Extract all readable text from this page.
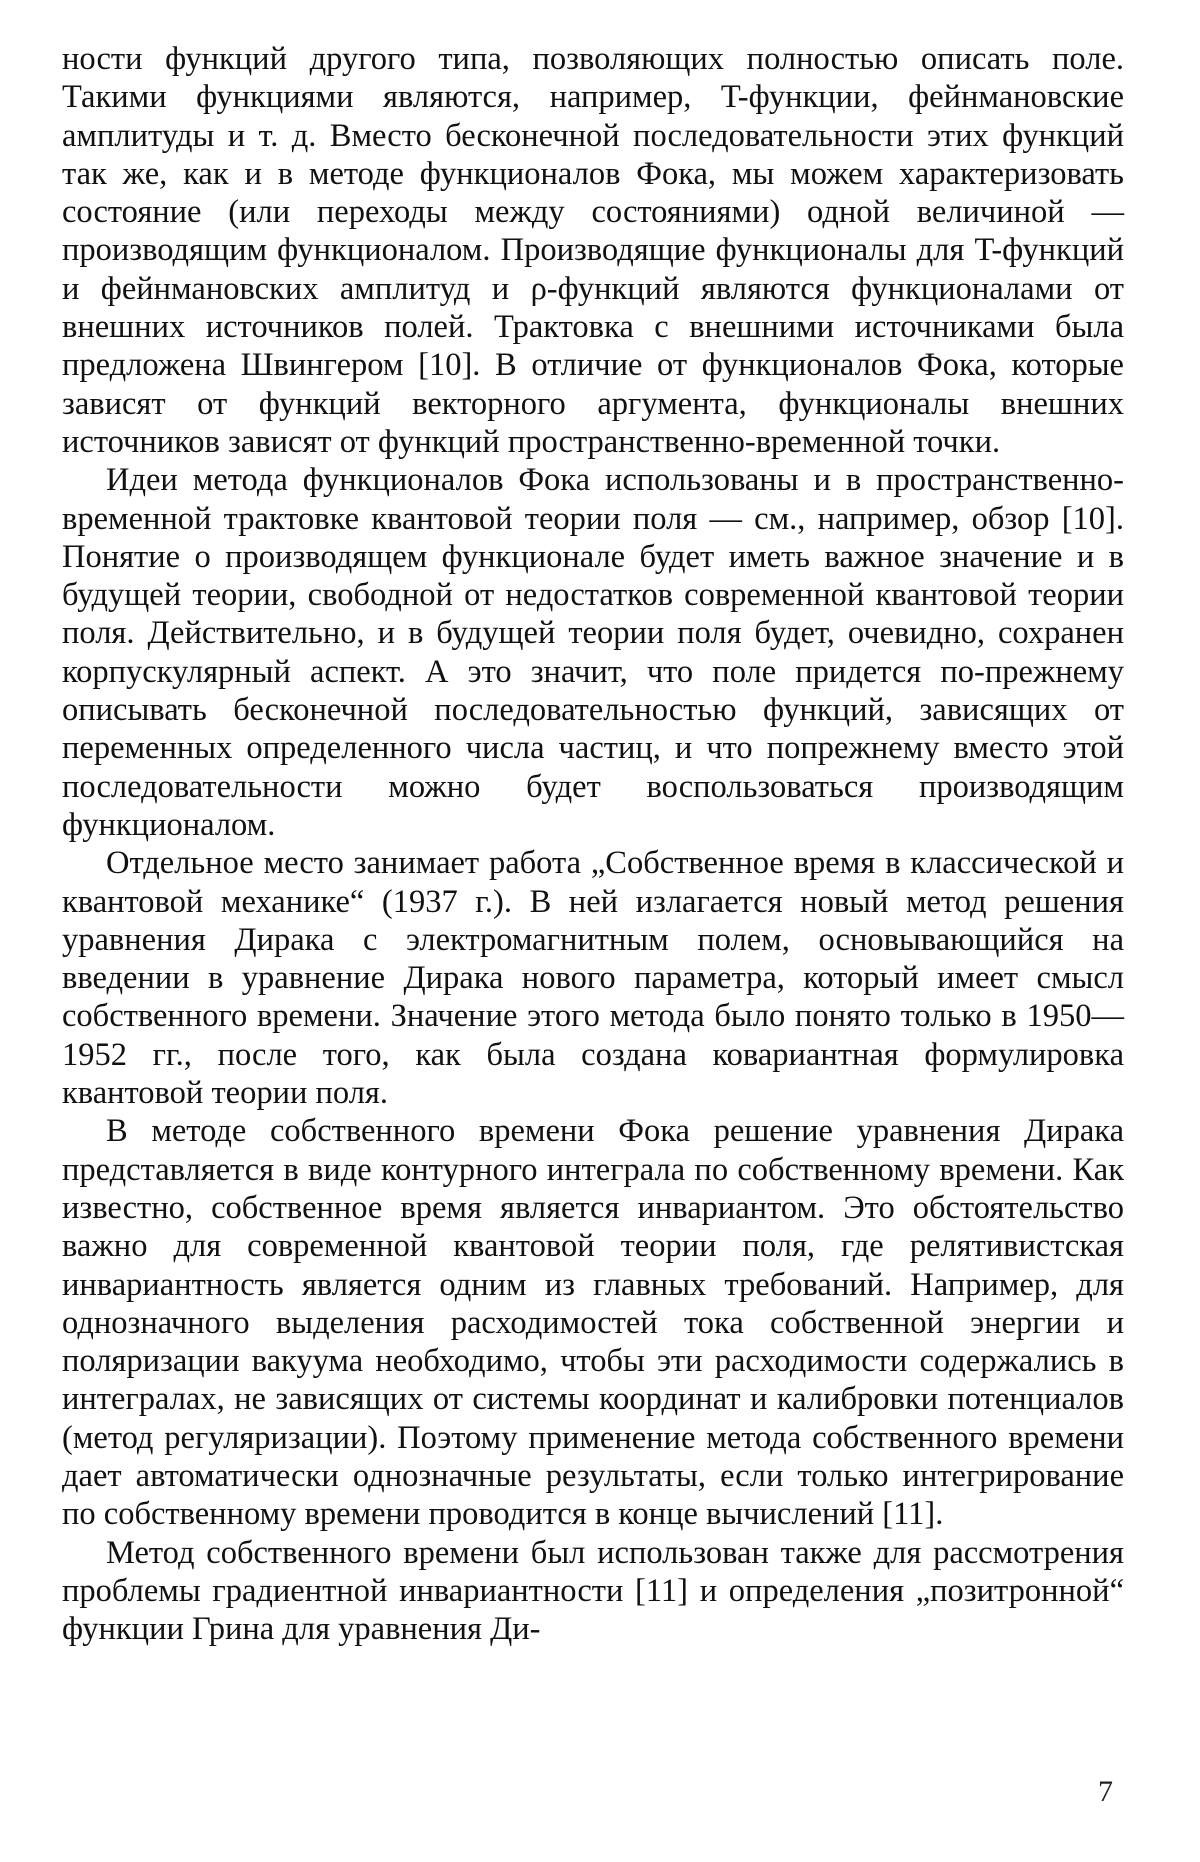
ности функций другого типа, позволяющих полностью описать поле. Такими функциями являются, например, T-функции, фейнмановские амплитуды и т. д. Вместо бесконечной последовательности этих функций так же, как и в методе функционалов Фока, мы можем характеризовать состояние (или переходы между состояниями) одной величиной — производящим функционалом. Производящие функционалы для T-функций и фейнмановских амплитуд и ρ-функций являются функционалами от внешних источников полей. Трактовка с внешними источниками была предложена Швингером [10]. В отличие от функционалов Фока, которые зависят от функций векторного аргумента, функционалы внешних источников зависят от функций пространственно-временной точки.

Идеи метода функционалов Фока использованы и в пространственно-временной трактовке квантовой теории поля — см., например, обзор [10]. Понятие о производящем функционале будет иметь важное значение и в будущей теории, свободной от недостатков современной квантовой теории поля. Действительно, и в будущей теории поля будет, очевидно, сохранен корпускулярный аспект. А это значит, что поле придется по-прежнему описывать бесконечной последовательностью функций, зависящих от переменных определенного числа частиц, и что попрежнему вместо этой последовательности можно будет воспользоваться производящим функционалом.

Отдельное место занимает работа „Собственное время в классической и квантовой механике“ (1937 г.). В ней излагается новый метод решения уравнения Дирака с электромагнитным полем, основывающийся на введении в уравнение Дирака нового параметра, который имеет смысл собственного времени. Значение этого метода было понято только в 1950—1952 гг., после того, как была создана ковариантная формулировка квантовой теории поля.

В методе собственного времени Фока решение уравнения Дирака представляется в виде контурного интеграла по собственному времени. Как известно, собственное время является инвариантом. Это обстоятельство важно для современной квантовой теории поля, где релятивистская инвариантность является одним из главных требований. Например, для однозначного выделения расходимостей тока собственной энергии и поляризации вакуума необходимо, чтобы эти расходимости содержались в интегралах, не зависящих от системы координат и калибровки потенциалов (метод регуляризации). Поэтому применение метода собственного времени дает автоматически однозначные результаты, если только интегрирование по собственному времени проводится в конце вычислений [11].

Метод собственного времени был использован также для рассмотрения проблемы градиентной инвариантности [11] и определения „позитронной“ функции Грина для уравнения Ди-

7
